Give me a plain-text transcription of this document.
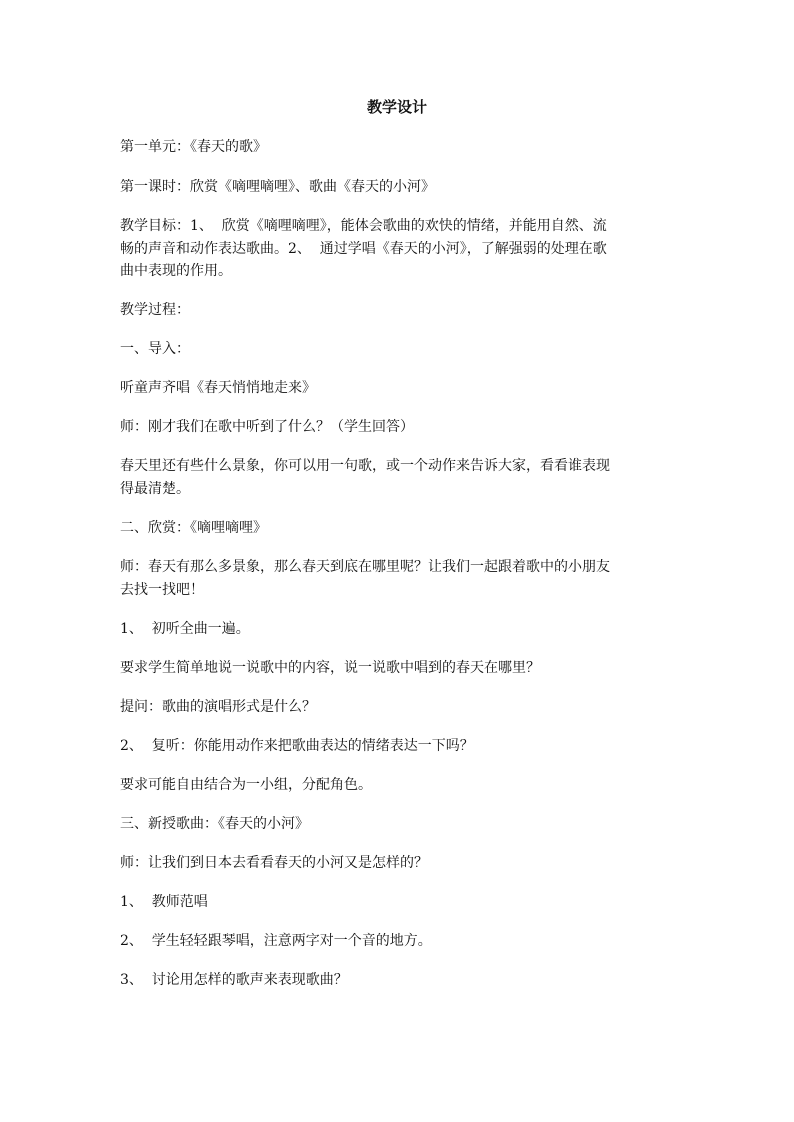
教学设计
第一单元：《春天的歌》
第一课时：欣赏《嘀哩嘀哩》、歌曲《春天的小河》
教学目标：1、  欣赏《嘀哩嘀哩》，能体会歌曲的欢快的情绪，并能用自然、流
畅的声音和动作表达歌曲。2、  通过学唱《春天的小河》，了解强弱的处理在歌
曲中表现的作用。
教学过程：
一、导入：
听童声齐唱《春天悄悄地走来》
师：刚才我们在歌中听到了什么？（学生回答）
春天里还有些什么景象，你可以用一句歌，或一个动作来告诉大家，看看谁表现
得最清楚。
二、欣赏：《嘀哩嘀哩》
师：春天有那么多景象，那么春天到底在哪里呢？让我们一起跟着歌中的小朋友
去找一找吧！
1、  初听全曲一遍。
要求学生简单地说一说歌中的内容，说一说歌中唱到的春天在哪里？
提问：歌曲的演唱形式是什么？
2、  复听：你能用动作来把歌曲表达的情绪表达一下吗？
要求可能自由结合为一小组，分配角色。
三、新授歌曲：《春天的小河》
师：让我们到日本去看看春天的小河又是怎样的？
1、  教师范唱
2、  学生轻轻跟琴唱，注意两字对一个音的地方。
3、  讨论用怎样的歌声来表现歌曲？
